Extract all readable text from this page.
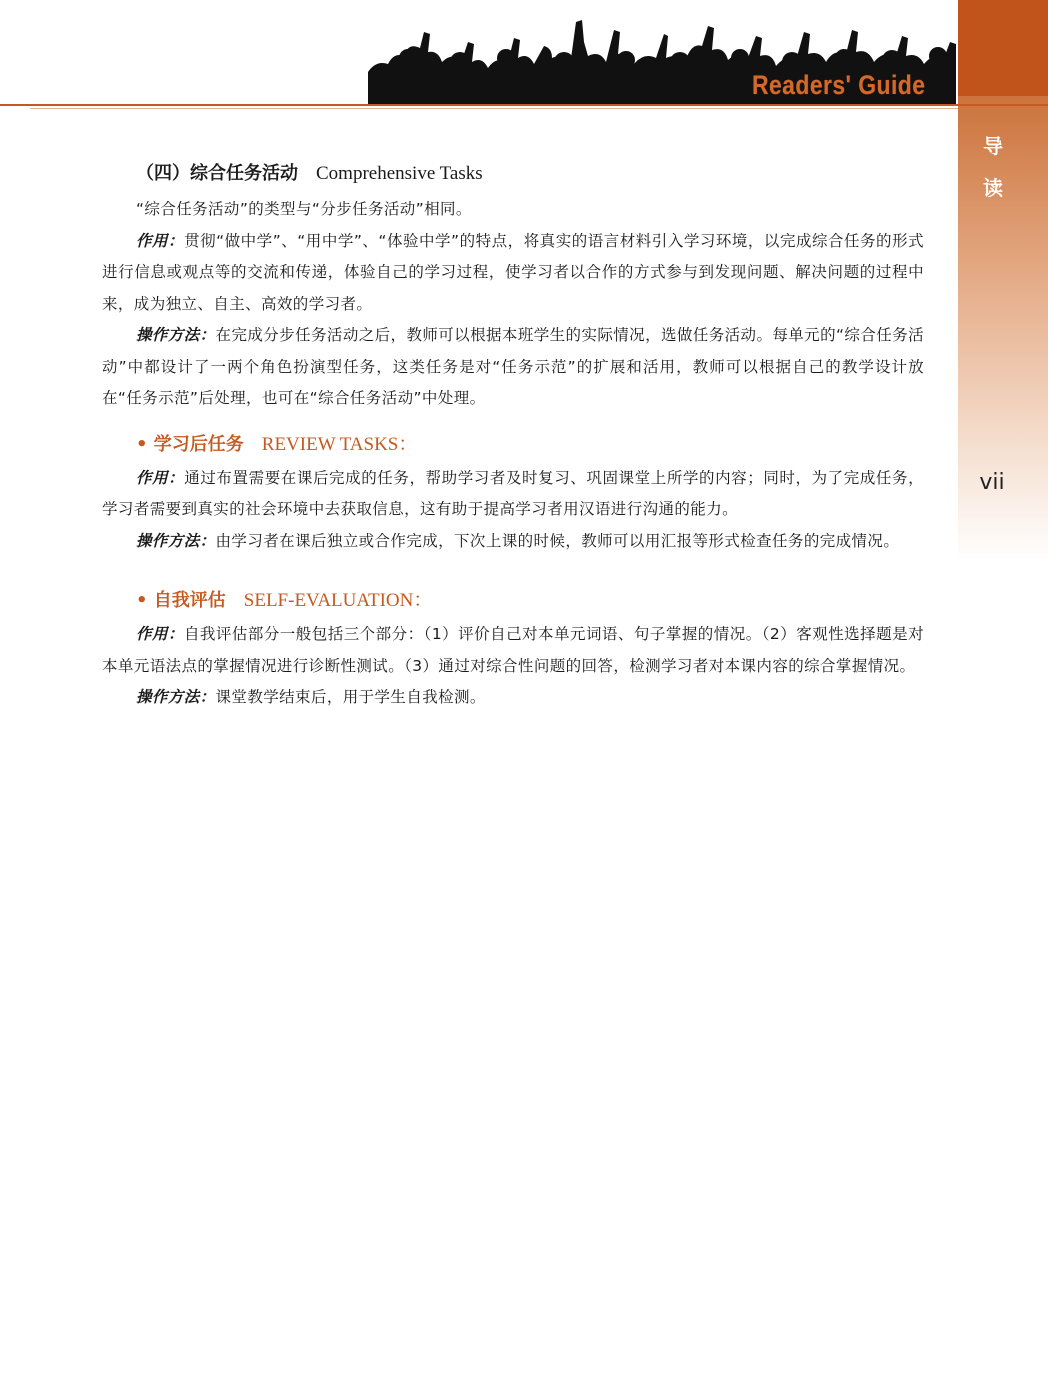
Readers' Guide
导
读
vii
（四）综合任务活动 Comprehensive Tasks

“综合任务活动”的类型与“分步任务活动”相同。

作用：贯彻“做中学”、“用中学”、“体验中学”的特点，将真实的语言材料引入学习环境，以完成综合任务的形式进行信息或观点等的交流和传递，体验自己的学习过程，使学习者以合作的方式参与到发现问题、解决问题的过程中来，成为独立、自主、高效的学习者。

操作方法：在完成分步任务活动之后，教师可以根据本班学生的实际情况，选做任务活动。每单元的“综合任务活动”中都设计了一两个角色扮演型任务，这类任务是对“任务示范”的扩展和活用，教师可以根据自己的教学设计放在“任务示范”后处理，也可在“综合任务活动”中处理。

• 学习后任务 REVIEW TASKS：

作用：通过布置需要在课后完成的任务，帮助学习者及时复习、巩固课堂上所学的内容；同时，为了完成任务，学习者需要到真实的社会环境中去获取信息，这有助于提高学习者用汉语进行沟通的能力。

操作方法：由学习者在课后独立或合作完成，下次上课的时候，教师可以用汇报等形式检查任务的完成情况。

• 自我评估 SELF-EVALUATION：

作用：自我评估部分一般包括三个部分：（1）评价自己对本单元词语、句子掌握的情况。（2）客观性选择题是对本单元语法点的掌握情况进行诊断性测试。（3）通过对综合性问题的回答，检测学习者对本课内容的综合掌握情况。

操作方法：课堂教学结束后，用于学生自我检测。
